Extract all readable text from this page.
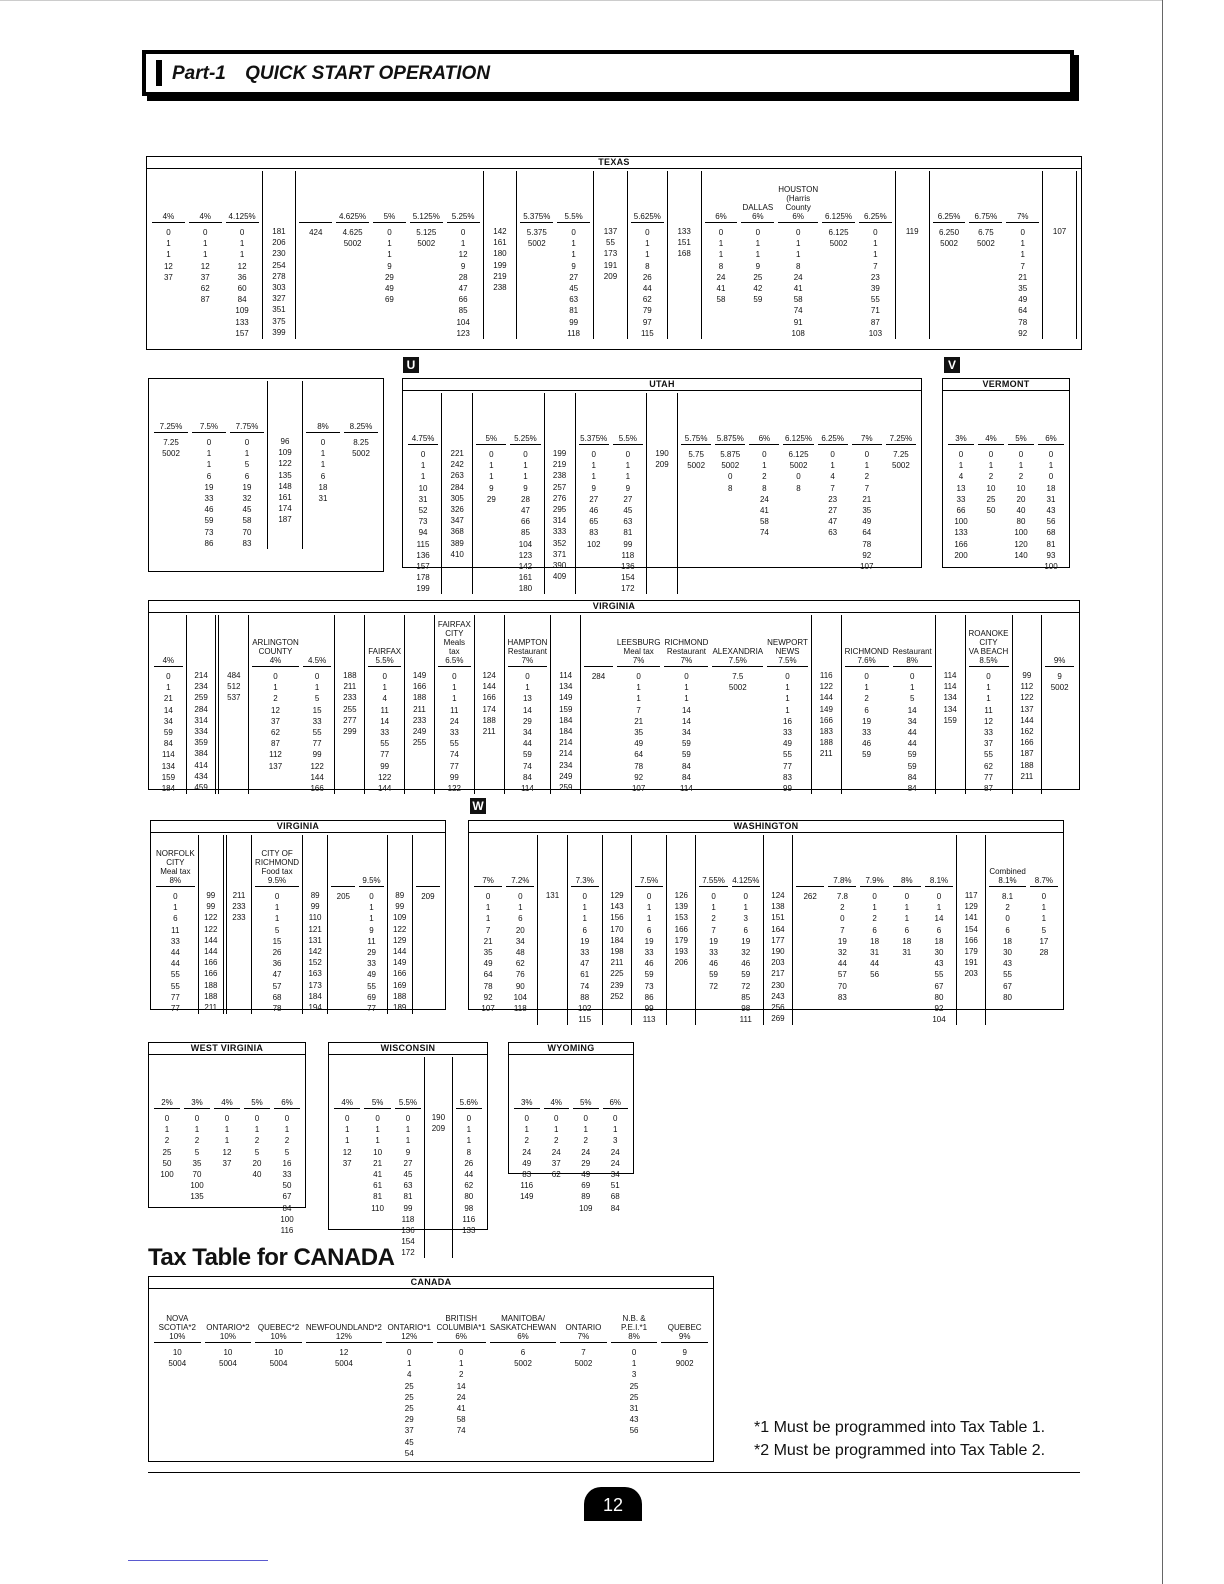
Part-1 QUICK START OPERATION
TEXAS
4%
0
1
1
12
37
4%
0
1
1
12
37
62
87
4.125%
0
1
1
12
36
60
84
109
133
157
181
206
230
254
278
303
327
351
375
399
424
4.625%
4.625
5002
5%
0
1
1
9
29
49
69
5.125%
5.125
5002
5.25%
0
1
12
9
28
47
66
85
104
123
142
161
180
199
219
238
5.375%
5.375
5002
5.5%
0
1
1
9
27
45
63
81
99
118
137
55
173
191
209
5.625%
0
1
1
8
26
44
62
79
97
115
133
151
168
6%
0
1
1
8
24
41
58
DALLAS
6%
0
1
1
9
25
42
59
HOUSTON
(Harris
County
6%
0
1
1
8
24
41
58
74
91
108
6.125%
6.125
5002
6.25%
0
1
1
7
23
39
55
71
87
103
119
6.25%
6.250
5002
6.75%
6.75
5002
7%
0
1
1
7
21
35
49
64
78
92
107
7.25%
7.25
5002
7.5%
0
1
1
6
19
33
46
59
73
86
7.75%
0
1
5
6
19
32
45
58
70
83
96
109
122
135
148
161
174
187
8%
0
1
1
6
18
31
8.25%
8.25
5002
U
UTAH
4.75%
0
1
1
10
31
52
73
94
115
136
157
178
199
221
242
263
284
305
326
347
368
389
410
5%
0
1
1
9
29
5.25%
0
1
1
9
28
47
66
85
104
123
142
161
180
199
219
238
257
276
295
314
333
352
371
390
409
5.375%
0
1
1
9
27
46
65
83
102
5.5%
0
1
1
9
27
45
63
81
99
118
136
154
172
190
209
5.75%
5.75
5002
5.875%
5.875
5002
0
8
6%
0
1
2
8
24
41
58
74
6.125%
6.125
5002
0
8
6.25%
0
1
4
7
23
27
47
63
7%
0
1
2
7
21
35
49
64
78
92
107
7.25%
7.25
5002
V
VERMONT
3%
0
1
4
13
33
66
100
133
166
200
4%
0
1
2
10
25
50
5%
0
1
2
10
20
40
80
100
120
140
6%
0
1
0
18
31
43
56
68
81
93
100
VIRGINIA
4%
0
1
21
14
34
59
84
114
134
159
184
214
234
259
284
314
334
359
384
414
434
459
484
512
537
ARLINGTON
COUNTY
4%
0
1
2
12
37
62
87
112
137
4.5%
0
1
5
15
33
55
77
99
122
144
166
188
211
233
255
277
299
FAIRFAX
5.5%
0
1
4
11
14
33
55
77
99
122
144
149
166
188
211
233
249
255
FAIRFAX CITY
Meals tax
6.5%
0
1
1
11
24
33
55
74
77
99
122
124
144
166
174
188
211
HAMPTON
Restaurant
7%
0
1
13
14
29
34
44
59
74
84
114
114
134
149
159
184
184
214
214
234
249
259
284
LEESBURG
Meal tax
7%
0
1
1
7
21
35
49
64
78
92
107
RICHMOND
Restaurant
7%
0
1
1
14
14
34
59
59
84
84
114
ALEXANDRIA
7.5%
7.5
5002
NEWPORT
NEWS
7.5%
0
1
1
1
16
33
49
55
77
83
99
116
122
144
149
166
183
188
211
RICHMOND
7.6%
0
1
2
6
19
33
46
59
Restaurant
8%
0
1
5
14
34
44
44
59
59
84
84
114
114
134
134
159
ROANOKE CITY
VA BEACH
8.5%
0
1
1
11
12
33
37
55
62
77
87
99
112
122
137
144
162
166
187
188
211
9%
9
5002
VIRGINIA
NORFOLK CITY
Meal tax
8%
0
1
6
11
33
44
44
55
55
77
77
99
99
122
122
144
144
166
166
188
188
211
211
233
233
CITY OF RICHMOND
Food tax
9.5%
0
1
1
5
15
26
36
47
57
68
78
89
99
110
121
131
142
152
163
173
184
194
205
9.5%
0
1
1
9
11
29
33
49
55
69
77
89
99
109
122
129
144
149
166
169
188
189
209
W
WASHINGTON
7%
0
1
1
7
21
35
49
64
78
92
107
7.2%
0
1
6
20
34
48
62
76
90
104
118
131
7.3%
0
1
1
6
19
33
47
61
74
88
102
115
129
143
156
170
184
198
211
225
239
252
7.5%
0
1
1
6
19
33
46
59
73
86
99
113
126
139
153
166
179
193
206
7.55%
0
1
2
7
19
33
46
59
72
4.125%
0
1
3
6
19
32
46
59
72
85
98
111
124
138
151
164
177
190
203
217
230
243
256
269
262
7.8%
7.8
2
0
7
19
32
44
57
70
83
7.9%
0
1
2
6
18
31
44
56
8%
0
1
1
6
18
31
8.1%
0
1
14
6
18
30
43
55
67
80
92
104
117
129
141
154
166
179
191
203
Combined
8.1%
8.1
2
0
6
18
30
43
55
67
80
8.7%
0
1
1
5
17
28
WEST VIRGINIA
2%
0
1
2
25
50
100
3%
0
1
2
5
35
70
100
135
4%
0
1
1
12
37
5%
0
1
2
5
20
40
6%
0
1
2
5
16
33
50
67
84
100
116
WISCONSIN
4%
0
1
1
12
37
5%
0
1
1
10
21
41
61
81
110
5.5%
0
1
1
9
27
45
63
81
99
118
136
154
172
190
209
5.6%
0
1
1
8
26
44
62
80
98
116
133
WYOMING
3%
0
1
2
24
49
83
116
149
4%
0
1
2
24
37
62
5%
0
1
2
24
29
49
69
89
109
6%
0
1
3
24
24
34
51
68
84
Tax Table for CANADA
CANADA
NOVA SCOTIA*2
10%
10
5004
ONTARIO*2
10%
10
5004
QUEBEC*2
10%
10
5004
NEWFOUNDLAND*2
12%
12
5004
ONTARIO*1
12%
0
1
4
25
25
25
29
37
45
54
BRITISH COLUMBIA*1
6%
0
1
2
14
24
41
58
74
MANITOBA/
SASKATCHEWAN
6%
6
5002
ONTARIO
7%
7
5002
N.B. & P.E.I.*1
8%
0
1
3
25
25
31
43
56
QUEBEC
9%
9
9002
*1 Must be programmed into Tax Table 1.
*2 Must be programmed into Tax Table 2.
12
